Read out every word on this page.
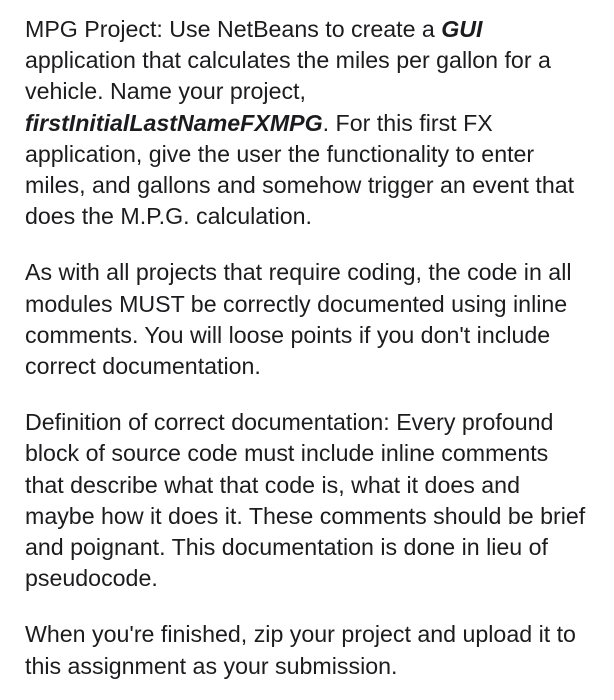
MPG Project: Use NetBeans to create a GUI application that calculates the miles per gallon for a vehicle. Name your project, firstInitialLastNameFXMPG. For this first FX application, give the user the functionality to enter miles, and gallons and somehow trigger an event that does the M.P.G. calculation.

As with all projects that require coding, the code in all modules MUST be correctly documented using inline comments. You will loose points if you don't include correct documentation.

Definition of correct documentation: Every profound block of source code must include inline comments that describe what that code is, what it does and maybe how it does it. These comments should be brief and poignant. This documentation is done in lieu of pseudocode.

When you're finished, zip your project and upload it to this assignment as your submission.
